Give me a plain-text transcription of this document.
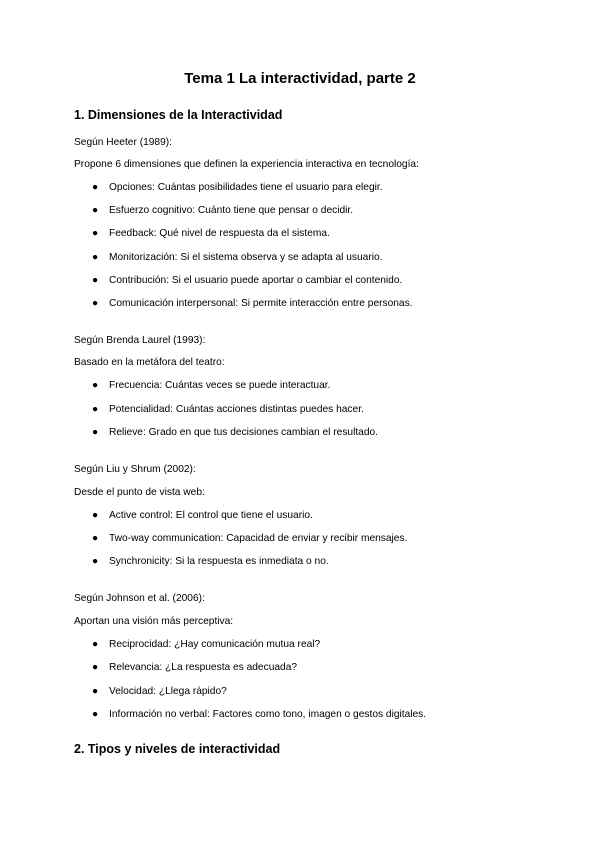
Tema 1 La interactividad, parte 2
1. Dimensiones de la Interactividad
Según Heeter (1989):
Propone 6 dimensiones que definen la experiencia interactiva en tecnología:
● Opciones: Cuántas posibilidades tiene el usuario para elegir.
● Esfuerzo cognitivo: Cuánto tiene que pensar o decidir.
● Feedback: Qué nivel de respuesta da el sistema.
● Monitorización: Si el sistema observa y se adapta al usuario.
● Contribución: Si el usuario puede aportar o cambiar el contenido.
● Comunicación interpersonal: Si permite interacción entre personas.
Según Brenda Laurel (1993):
Basado en la metáfora del teatro:
● Frecuencia: Cuántas veces se puede interactuar.
● Potencialidad: Cuántas acciones distintas puedes hacer.
● Relieve: Grado en que tus decisiones cambian el resultado.
Según Liu y Shrum (2002):
Desde el punto de vista web:
● Active control: El control que tiene el usuario.
● Two-way communication: Capacidad de enviar y recibir mensajes.
● Synchronicity: Si la respuesta es inmediata o no.
Según Johnson et al. (2006):
Aportan una visión más perceptiva:
● Reciprocidad: ¿Hay comunicación mutua real?
● Relevancia: ¿La respuesta es adecuada?
● Velocidad: ¿Llega rápido?
● Información no verbal: Factores como tono, imagen o gestos digitales.
2. Tipos y niveles de interactividad
